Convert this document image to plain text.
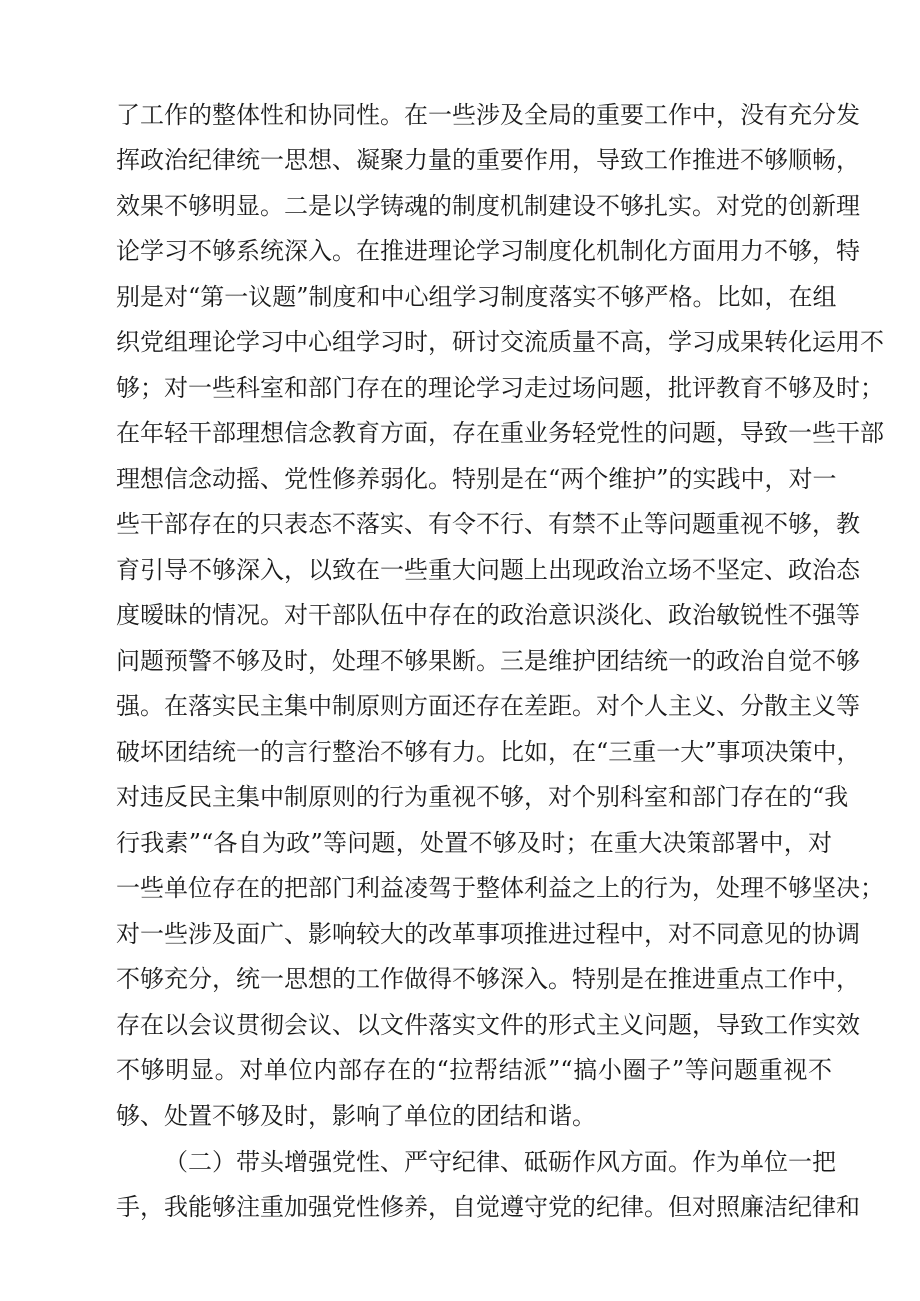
了工作的整体性和协同性。在一些涉及全局的重要工作中，没有充分发
挥政治纪律统一思想、凝聚力量的重要作用，导致工作推进不够顺畅，
效果不够明显。二是以学铸魂的制度机制建设不够扎实。对党的创新理
论学习不够系统深入。在推进理论学习制度化机制化方面用力不够，特
别是对“第一议题”制度和中心组学习制度落实不够严格。比如，在组
织党组理论学习中心组学习时，研讨交流质量不高，学习成果转化运用不
够；对一些科室和部门存在的理论学习走过场问题，批评教育不够及时；
在年轻干部理想信念教育方面，存在重业务轻党性的问题，导致一些干部
理想信念动摇、党性修养弱化。特别是在“两个维护”的实践中，对一
些干部存在的只表态不落实、有令不行、有禁不止等问题重视不够，教
育引导不够深入，以致在一些重大问题上出现政治立场不坚定、政治态
度暧昧的情况。对干部队伍中存在的政治意识淡化、政治敏锐性不强等
问题预警不够及时，处理不够果断。三是维护团结统一的政治自觉不够
强。在落实民主集中制原则方面还存在差距。对个人主义、分散主义等
破坏团结统一的言行整治不够有力。比如，在“三重一大”事项决策中，
对违反民主集中制原则的行为重视不够，对个别科室和部门存在的“我
行我素”“各自为政”等问题，处置不够及时；在重大决策部署中，对
一些单位存在的把部门利益凌驾于整体利益之上的行为，处理不够坚决；
对一些涉及面广、影响较大的改革事项推进过程中，对不同意见的协调
不够充分，统一思想的工作做得不够深入。特别是在推进重点工作中，
存在以会议贯彻会议、以文件落实文件的形式主义问题，导致工作实效
不够明显。对单位内部存在的“拉帮结派”“搞小圈子”等问题重视不
够、处置不够及时，影响了单位的团结和谐。
（二）带头增强党性、严守纪律、砥砺作风方面。作为单位一把
手，我能够注重加强党性修养，自觉遵守党的纪律。但对照廉洁纪律和
